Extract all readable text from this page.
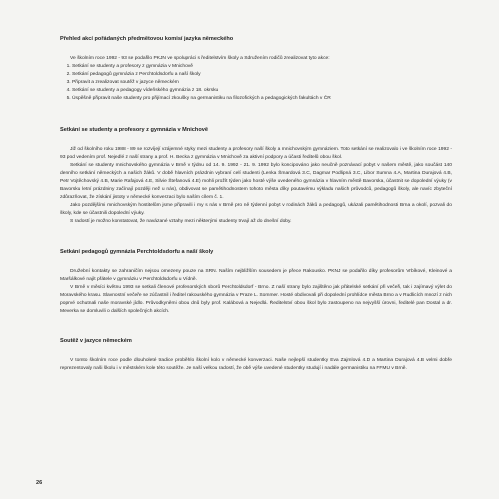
Přehled akcí pořádaných předmětovou komisí jazyka německého

Ve školním roce 1992 - 93 se podařilo PKJN ve spolupráci s ředitelstvím školy a Sdružením rodičů zrealizovat tyto akce:

1. Setkání se studenty a profesory z gymnázia v Mnichově
2. Setkání pedagogů gymnázia z Perchtoldsdorfu a naší školy
3. Připravit a zrealizovat soutěž v jazyce německém
4. Setkání se studenty a pedagogy vídeňského gymnázia z 18. okrsku
5. Úspěšně připravit naše studenty pro přijímací zkoušky na germanistiku na filozofických a pedagogických fakultách v ČR

Setkání se studenty a profesory z gymnázia v Mnichově

Již od školního roku 1988 - 89 se rozvíjejí vzájemné styky mezi studenty a profesory naší školy a mnichovským gymnáziem. Toto setkání se realizovalo i ve školním roce 1992 - 93 pod vedením prof. Nejedlé z naší strany a prof. H. Becka z gymnázia v Mnichově za aktivní podpory a účasti ředitelů obou škol.

Setkání se studenty mnichovského gymnázia v Brně v týdnu od 14. 9. 1992 - 21. 9. 1992 bylo koncipováno jako neučně poznávací pobyt v našem městě, jako součást 140 denního setkání německých a našich žáků. V době hlavních prázdnin vybraní celí studenti (Lenka Šmardová 3.C, Dagmar Podlipná 3.C, Libor Sumna 4.A, Martina Durajová 4.B, Petr Vojtěchovský 4.B, Marie Rafajová 4.E, Silvie Štefanová 4.E) mohli prožít týden jako hosté výše uvedeného gymnázia v hlavním městě Bavorska, účastnit se dopolední výuky (v Bavorsku letní prázdniny začínají později než u nás), obdivovat se pamětihodnostem tohoto města díky poutavému výkladu našich průvodců, pedagogů školy, ale navíc zbyteční zdůrazňovat, že získání jistoty v německé konverzaci bylo naším cílem č. 1.

Jako pozdějšími mnichovským hostitelům jsme připravili i my s nás v Brně pro ně týdenní pobyt v rodinách žáků a pedagogů, ukázali pamětihodnosti Brna a okolí, pozvali do školy, kde se účastnili dopolední výuky.

S radostí je možno konstatovat, že navázané vztahy mezi některými studenty trvají až do dnešní doby.

Setkání pedagogů gymnázia Perchtoldsdorfu a naší školy

Družební kontakty se zahraničím nejsou omezeny pouze na SRN. Naším nejbližším sousedem je přece Rakousko. PKNJ se podařilo díky profesorům Vrbíkové, Kleinové a Maršálkové najít přátele v gymnáziu v Perchtoldsdorfu u Vídně.

V Brně v měsíci květnu 1993 se setkali členové profesorských sborů Perchtoldsdorf - Brno. Z naší strany bylo zajištěno jak přátelské setkání při večeři, tak i zajímavý výlet do Moravského krasu. Slavnostní večeře se zúčastnil i ředitel rakouského gymnázia v Praze L. Sommer. Hosté obdivovali při dopolední prohlídce města Brno a v Rudlicích mnozí z nich poprvé ochutnali naše moravské jídlo. Průvodkyněmi obou dnů byly prof. Kalábová a Nejedlá. Ředitelství obou škol bylo zastoupeno na nejvyšší úrovni, ředitelé pan Dostal a dr. Meverka se domluvili o dalších společných akcích.

Soutěž v jazyce německém

V tomto školním roce podle dlouholeté tradice proběhlo školní kolo v německé konverzaci. Naše nejlepší studentky Eva Zajmlová 4.D a Martina Durajová 4.B velmi dobře reprezentovaly naši školu i v městském kole této soutěže. Je naší velkou radostí, že obě výše uvedené studentky studují i nadále germanistiku na FFMU v Brně.

26
